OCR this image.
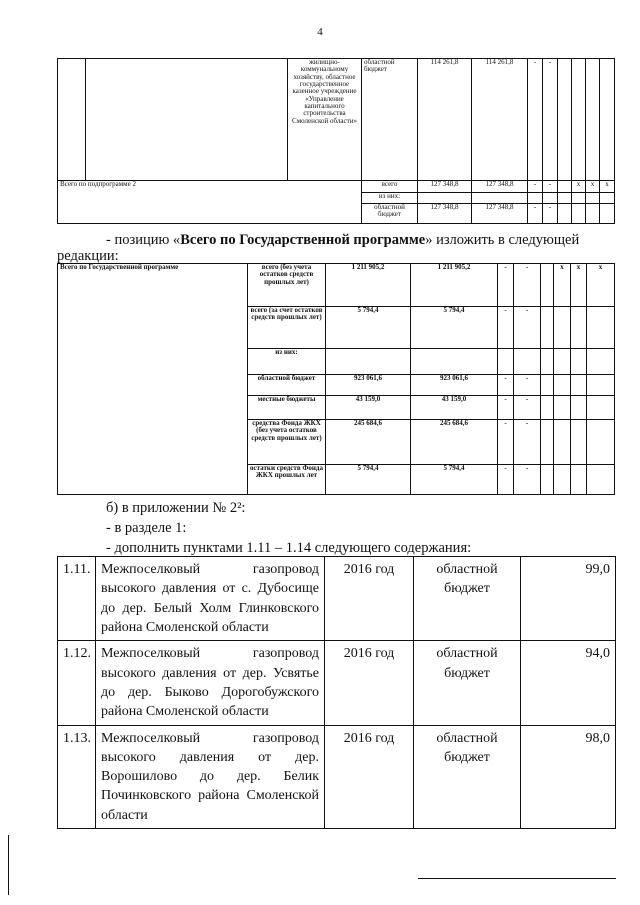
4
		жилищно-коммунальному хозяйству, областное государственное казенное учреждение «Управление капитального строительства Смоленской области»	областной бюджет	114 261,8	114 261,8	-	-				
Всего по подпрограмме 2			всего	127 348,8	127 348,8	-	-		x	x	x
			из них:								
			областной бюджет	127 348,8	127 348,8	-	-				
- позицию «Всего по Государственной программе» изложить в следующей
редакции:
Всего по Государственной программе	всего (без учета остатков средств прошлых лет)	1 211 905,2	1 211 905,2	-	-		x	x	x
	всего (за счет остатков средств прошлых лет)	5 794,4	5 794,4	-	-				
	из них:								
	областной бюджет	923 061,6	923 061,6	-	-				
	местные бюджеты	43 159,0	43 159,0	-	-				
	средства Фонда ЖКХ (без учета остатков средств прошлых лет)	245 684,6	245 684,6	-	-				
	остатки средств Фонда ЖКХ прошлых лет	5 794,4	5 794,4	-	-				
б) в приложении № 2²:
- в разделе 1:
- дополнить пунктами 1.11 – 1.14 следующего содержания:
1.11.	Межпоселковый газопровод высокого давления от с. Дубосище до дер. Белый Холм Глинковского района Смоленской области	2016 год	областной бюджет	99,0
1.12.	Межпоселковый газопровод высокого давления от дер. Усвятье до дер. Быково Дорогобужского района Смоленской области	2016 год	областной бюджет	94,0
1.13.	Межпоселковый газопровод высокого давления от дер. Ворошилово до дер. Белик Починковского района Смоленской области	2016 год	областной бюджет	98,0
